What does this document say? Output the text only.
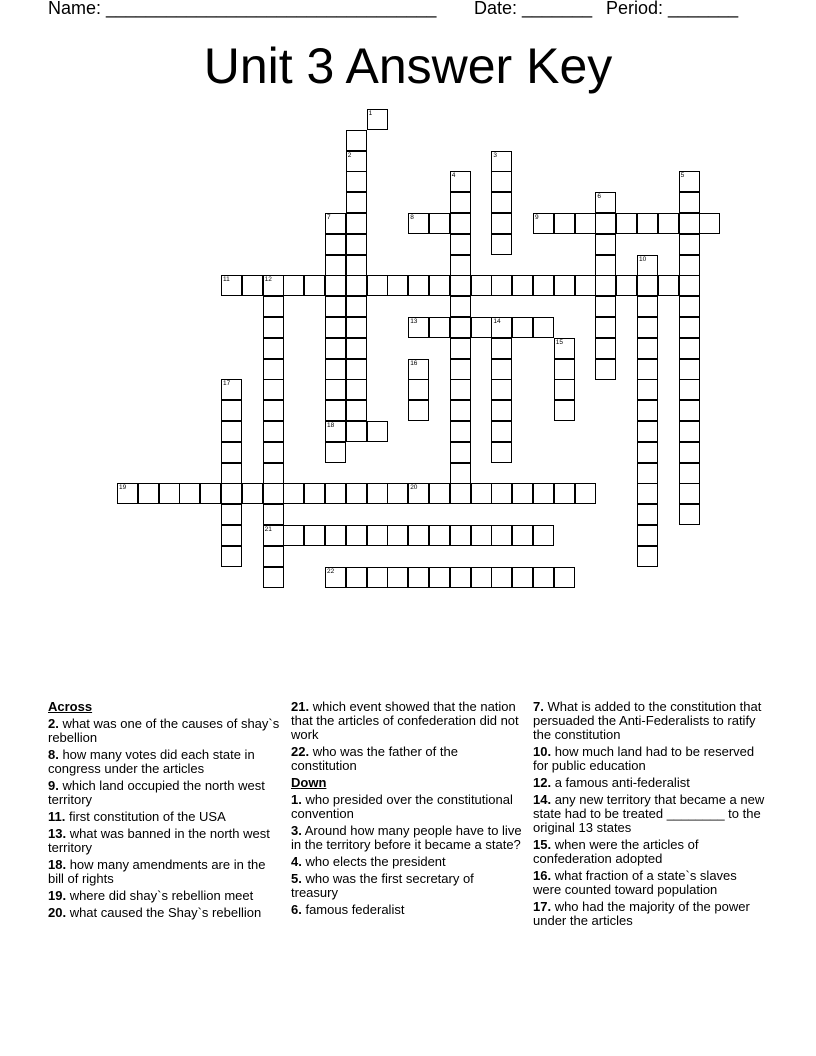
Name: _________________________________ Date: _______ Period: _______
Unit 3 Answer Key
1
2	3
4	5
6
7	8	9
10
11	12
13	14
15
16
17
18
19	20
21
22
Across
2. what was one of the causes of shay`s rebellion
8. how many votes did each state in congress under the articles
9. which land occupied the north west territory
11. first constitution of the USA
13. what was banned in the north west territory
18. how many amendments are in the bill of rights
19. where did shay`s rebellion meet
20. what caused the Shay`s rebellion
21. which event showed that the nation that the articles of confederation did not work
22. who was the father of the constitution
Down
1. who presided over the constitutional convention
3. Around how many people have to live in the territory before it became a state?
4. who elects the president
5. who was the first secretary of treasury
6. famous federalist
7. What is added to the constitution that persuaded the Anti-Federalists to ratify the constitution
10. how much land had to be reserved for public education
12. a famous anti-federalist
14. any new territory that became a new state had to be treated ________ to the original 13 states
15. when were the articles of confederation adopted
16. what fraction of a state`s slaves were counted toward population
17. who had the majority of the power under the articles
